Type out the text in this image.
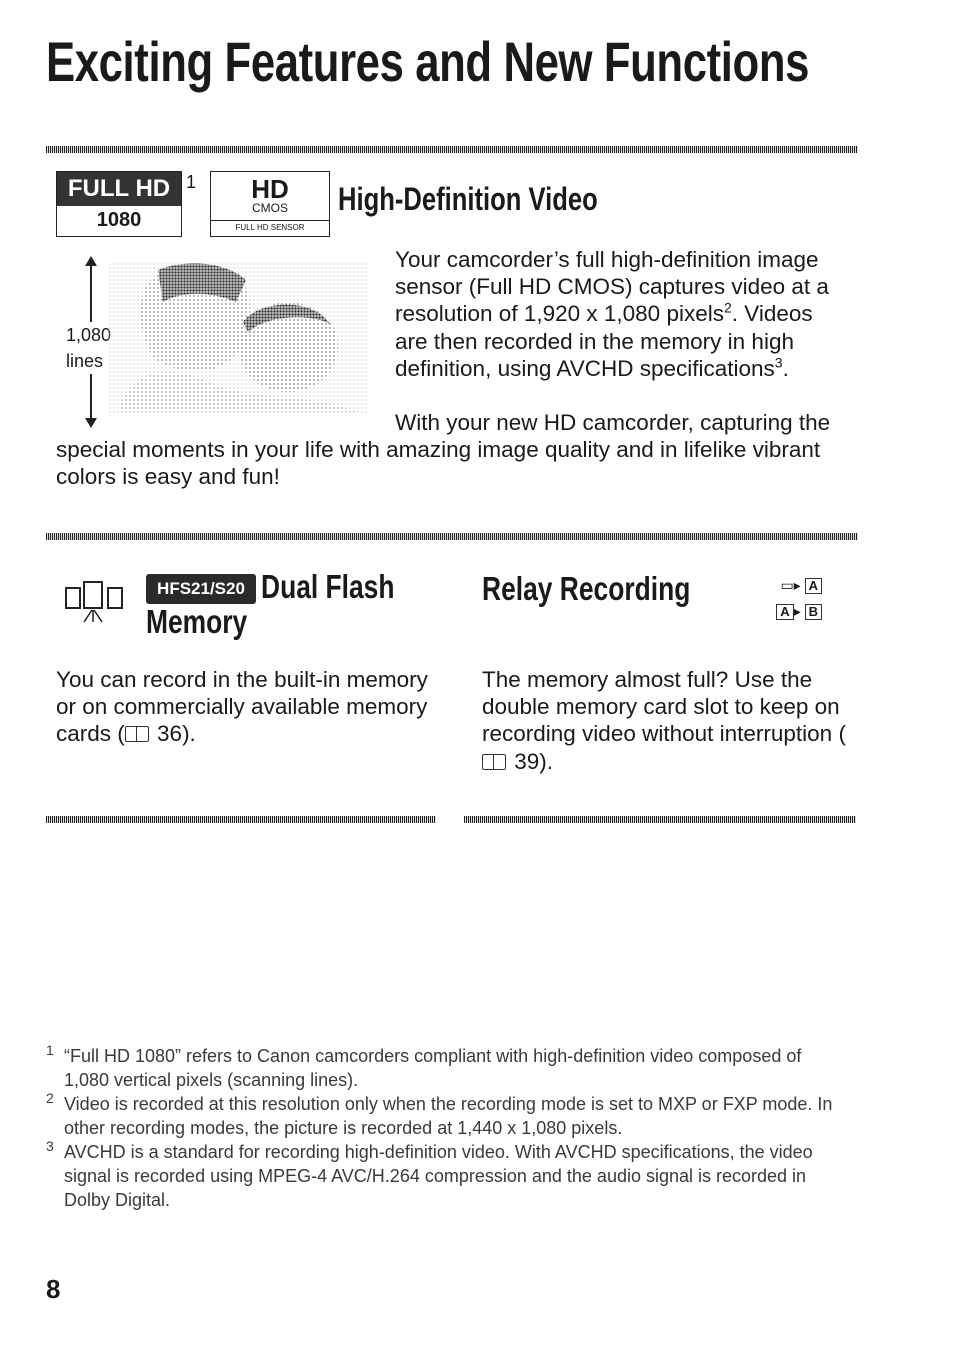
Exciting Features and New Functions
FULL HD
1080
1	HD
CMOS
FULL HD SENSOR
High-Definition Video
1,080
lines
Your camcorder’s full high-definition image sensor (Full HD CMOS) captures video at a resolution of 1,920 x 1,080 pixels$^2$. Videos are then recorded in the memory in high definition, using AVCHD specifications$^3$.
With your new HD camcorder, capturing the special moments in your life with amazing image quality and in lifelike vibrant colors is easy and fun!
HFS21/S20 Dual Flash
Memory
You can record in the built-in memory or on commercially available memory cards ( 36).
Relay Recording	▭▸ A
A ▸ B
The memory almost full? Use the double memory card slot to keep on recording video without interruption ( 39).
1 “Full HD 1080” refers to Canon camcorders compliant with high-definition video composed of 1,080 vertical pixels (scanning lines).
2 Video is recorded at this resolution only when the recording mode is set to MXP or FXP mode. In other recording modes, the picture is recorded at 1,440 x 1,080 pixels.
3 AVCHD is a standard for recording high-definition video. With AVCHD specifications, the video signal is recorded using MPEG-4 AVC/H.264 compression and the audio signal is recorded in Dolby Digital.
8
